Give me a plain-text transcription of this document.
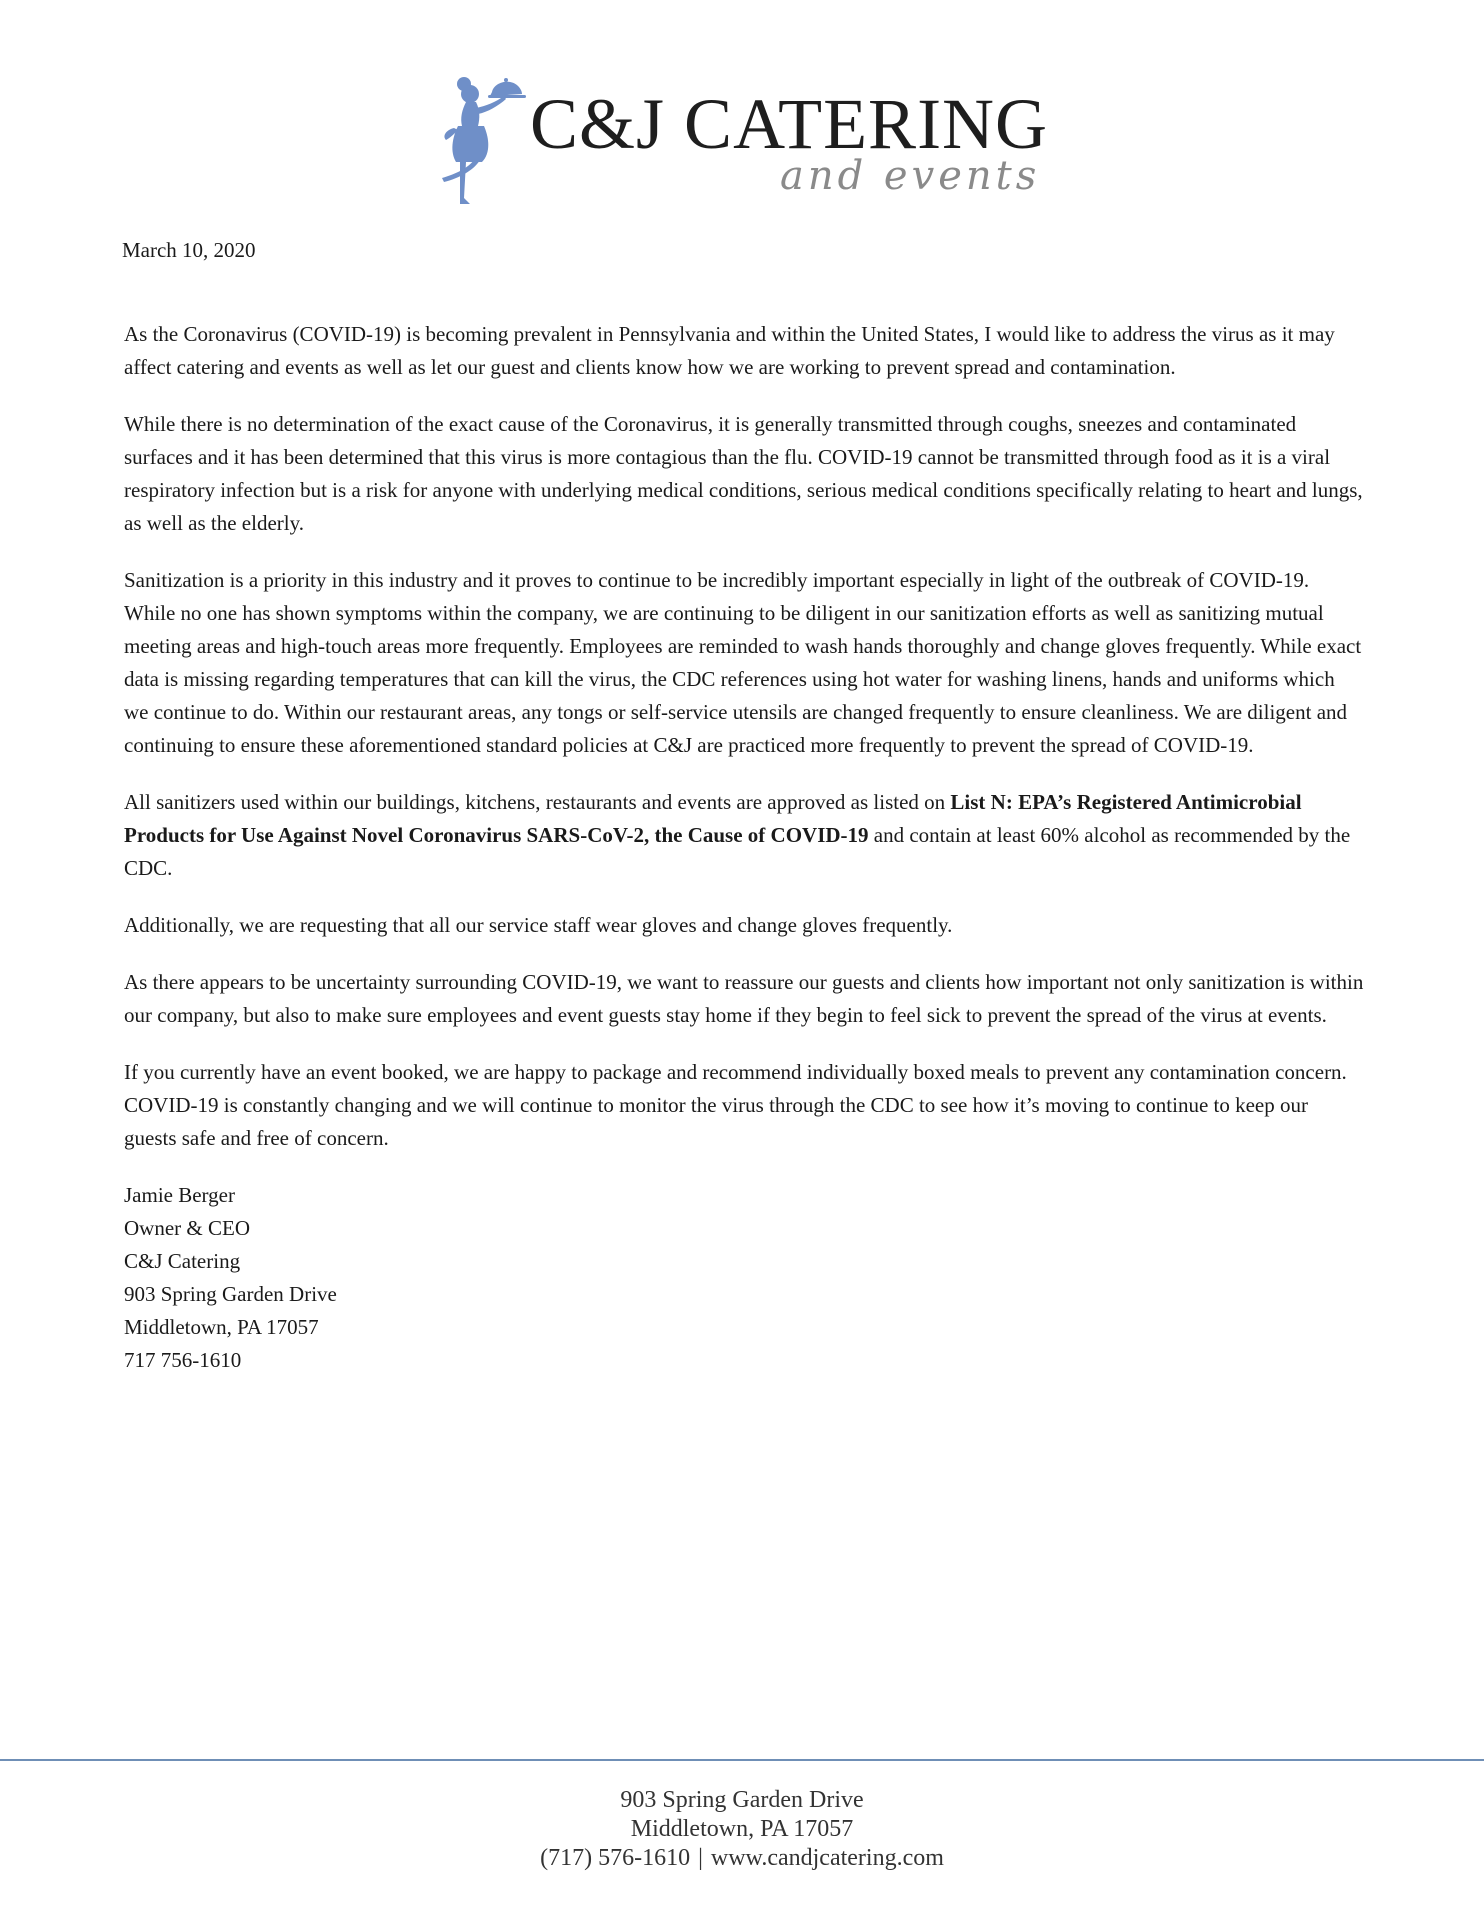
C&J CATERING
and events
March 10, 2020

As the Coronavirus (COVID-19) is becoming prevalent in Pennsylvania and within the United States, I would like to address the virus as it may affect catering and events as well as let our guest and clients know how we are working to prevent spread and contamination.

While there is no determination of the exact cause of the Coronavirus, it is generally transmitted through coughs, sneezes and contaminated surfaces and it has been determined that this virus is more contagious than the flu. COVID-19 cannot be transmitted through food as it is a viral respiratory infection but is a risk for anyone with underlying medical conditions, serious medical conditions specifically relating to heart and lungs, as well as the elderly.

Sanitization is a priority in this industry and it proves to continue to be incredibly important especially in light of the outbreak of COVID-19. While no one has shown symptoms within the company, we are continuing to be diligent in our sanitization efforts as well as sanitizing mutual meeting areas and high-touch areas more frequently. Employees are reminded to wash hands thoroughly and change gloves frequently. While exact data is missing regarding temperatures that can kill the virus, the CDC references using hot water for washing linens, hands and uniforms which we continue to do. Within our restaurant areas, any tongs or self-service utensils are changed frequently to ensure cleanliness. We are diligent and continuing to ensure these aforementioned standard policies at C&J are practiced more frequently to prevent the spread of COVID-19.

All sanitizers used within our buildings, kitchens, restaurants and events are approved as listed on List N: EPA’s Registered Antimicrobial Products for Use Against Novel Coronavirus SARS-CoV-2, the Cause of COVID-19 and contain at least 60% alcohol as recommended by the CDC.

Additionally, we are requesting that all our service staff wear gloves and change gloves frequently.

As there appears to be uncertainty surrounding COVID-19, we want to reassure our guests and clients how important not only sanitization is within our company, but also to make sure employees and event guests stay home if they begin to feel sick to prevent the spread of the virus at events.

If you currently have an event booked, we are happy to package and recommend individually boxed meals to prevent any contamination concern. COVID-19 is constantly changing and we will continue to monitor the virus through the CDC to see how it’s moving to continue to keep our guests safe and free of concern.

Jamie Berger
Owner & CEO
C&J Catering
903 Spring Garden Drive
Middletown, PA 17057
717 756-1610
903 Spring Garden Drive
Middletown, PA 17057
(717) 576-1610 | www.candjcatering.com
